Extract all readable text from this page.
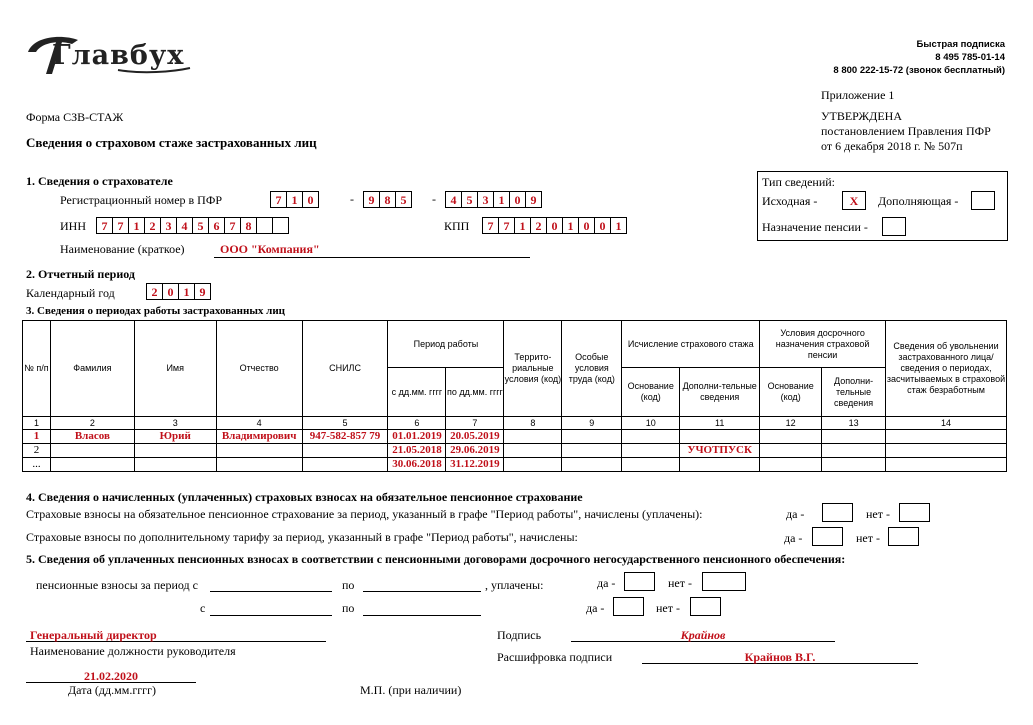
Главбух	Быстрая подписка
8 495 785-01-14
8 800 222-15-72 (звонок бесплатный)
Форма СЗВ-СТАЖ
Сведения о страховом стаже застрахованных лиц
Приложение 1
УТВЕРЖДЕНА
постановлением Правления ПФР
от 6 декабря 2018 г. № 507п
1. Сведения о страхователе
Регистрационный номер в ПФР	7 1 0	-	9 8 5	-	4 5 3 1 0 9
ИНН	7 7 1 2 3 4 5 6 7 8	КПП	7 7 1 2 0 1 0 0 1
Наименование (краткое)	ООО "Компания"
Тип сведений:
Исходная -	X	Дополняющая -
Назначение пенсии -
2. Отчетный период
Календарный год	2 0 1 9
3. Сведения о периодах работы застрахованных лиц
№ п/п	Фамилия	Имя	Отчество	СНИЛС	Период работы		Террито-риальные условия (код)	Особые условия труда (код)	Исчисление страхового стажа		Условия досрочного назначения страховой пенсии		Сведения об увольнении застрахованного лица/ сведения о периодах, засчитываемых в страховой стаж безработным
					с дд.мм. гггг	по дд.мм. гггг			Основание (код)	Дополни-тельные сведения	Основание (код)	Дополни-тельные сведения	
1	2	3	4	5	6	7	8	9	10	11	12	13	14
1	Власов	Юрий	Владимирович	947-582-857 79	01.01.2019	20.05.2019							
2					21.05.2018	29.06.2019				УЧОТПУСК			
...					30.06.2018	31.12.2019							
4. Сведения о начисленных (уплаченных) страховых взносах на обязательное пенсионное страхование
Страховые взносы на обязательное пенсионное страхование за период, указанный в графе "Период работы", начислены (уплачены):	да -	нет -
Страховые взносы по дополнительному тарифу за период, указанный в графе "Период работы", начислены:	да -	нет -
5. Сведения об уплаченных пенсионных взносах в соответствии с пенсионными договорами досрочного негосударственного пенсионного обеспечения:
пенсионные взносы за период с	по	, уплачены:	да -	нет -
с	по	да -	нет -
Генеральный директор
Наименование должности руководителя
Подпись	Крайнов
Расшифровка подписи	Крайнов В.Г.
21.02.2020
Дата (дд.мм.гггг)	М.П. (при наличии)
